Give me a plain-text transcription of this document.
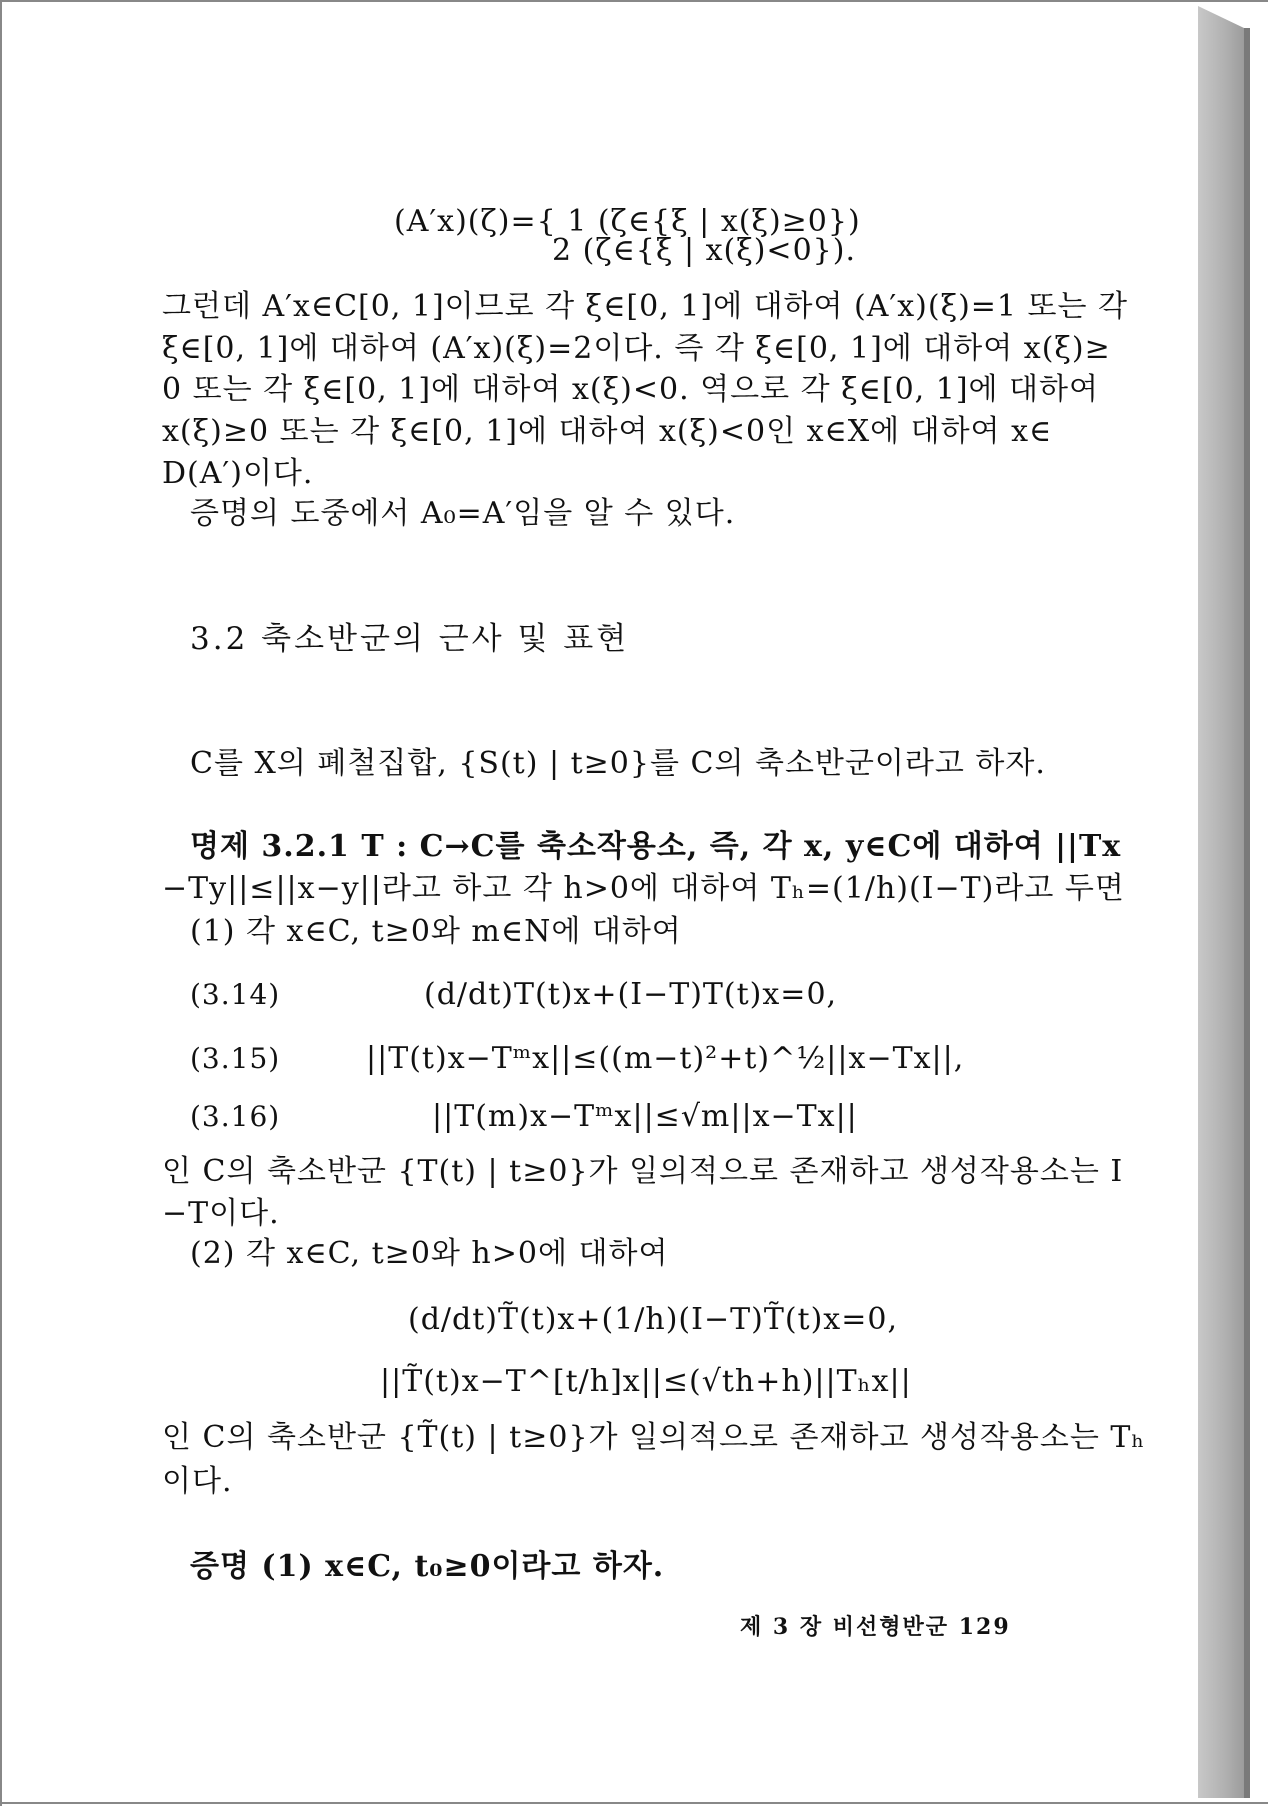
(A′x)(ζ)={ 1 (ζ∈{ξ | x(ξ)≥0})
2 (ζ∈{ξ | x(ξ)<0}).
그런데 A′x∈C[0, 1]이므로 각 ξ∈[0, 1]에 대하여 (A′x)(ξ)=1 또는 각
ξ∈[0, 1]에 대하여 (A′x)(ξ)=2이다. 즉 각 ξ∈[0, 1]에 대하여 x(ξ)≥
0 또는 각 ξ∈[0, 1]에 대하여 x(ξ)<0. 역으로 각 ξ∈[0, 1]에 대하여
x(ξ)≥0 또는 각 ξ∈[0, 1]에 대하여 x(ξ)<0인 x∈X에 대하여 x∈
D(A′)이다.
증명의 도중에서 A₀=A′임을 알 수 있다.
3.2 축소반군의 근사 및 표현
C를 X의 폐철집합, {S(t) | t≥0}를 C의 축소반군이라고 하자.
명제 3.2.1 T : C→C를 축소작용소, 즉, 각 x, y∈C에 대하여 ||Tx
−Ty||≤||x−y||라고 하고 각 h>0에 대하여 Tₕ=(1/h)(I−T)라고 두면
(1) 각 x∈C, t≥0와 m∈N에 대하여
(3.14)	(d/dt)T(t)x+(I−T)T(t)x=0,
(3.15)	||T(t)x−Tᵐx||≤((m−t)²+t)^½||x−Tx||,
(3.16)	||T(m)x−Tᵐx||≤√m||x−Tx||
인 C의 축소반군 {T(t) | t≥0}가 일의적으로 존재하고 생성작용소는 I
−T이다.
(2) 각 x∈C, t≥0와 h>0에 대하여
(d/dt)T̃(t)x+(1/h)(I−T)T̃(t)x=0,
||T̃(t)x−T^[t/h]x||≤(√th+h)||Tₕx||
인 C의 축소반군 {T̃(t) | t≥0}가 일의적으로 존재하고 생성작용소는 Tₕ
이다.
증명 (1) x∈C, t₀≥0이라고 하자.
제 3 장 비선형반군 129
